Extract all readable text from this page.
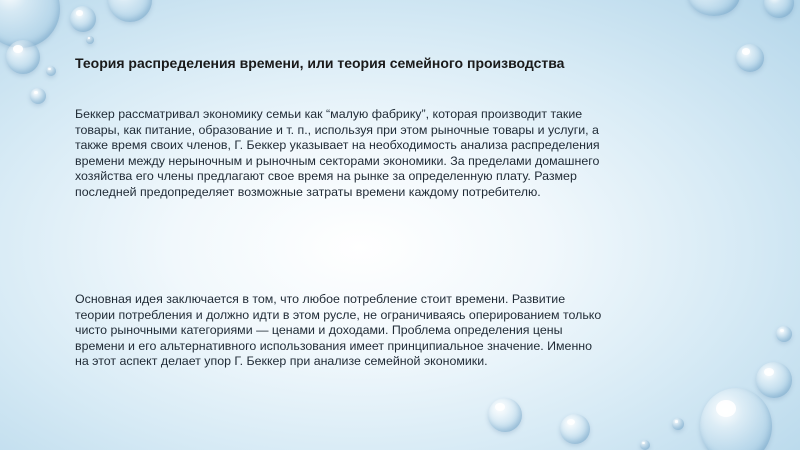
Теория распределения времени, или теория семейного производства

Беккер рассматривал экономику семьи как “малую фабрику”, которая производит такие товары, как питание, образование и т. п., используя при этом рыночные товары и услуги, а также время своих членов, Г. Беккер указывает на необходимость анализа распределения времени между нерыночным и рыночным секторами экономики. За пределами домашнего хозяйства его члены предлагают свое время на рынке за определенную плату. Размер последней предопределяет возможные затраты времени каждому потребителю.

Основная идея заключается в том, что любое потребление стоит времени. Развитие теории потребления и должно идти в этом русле, не ограничиваясь оперированием только чисто рыночными категориями — ценами и доходами. Проблема определения цены времени и его альтернативного использования имеет принципиальное значение. Именно на этот аспект делает упор Г. Беккер при анализе семейной экономики.
